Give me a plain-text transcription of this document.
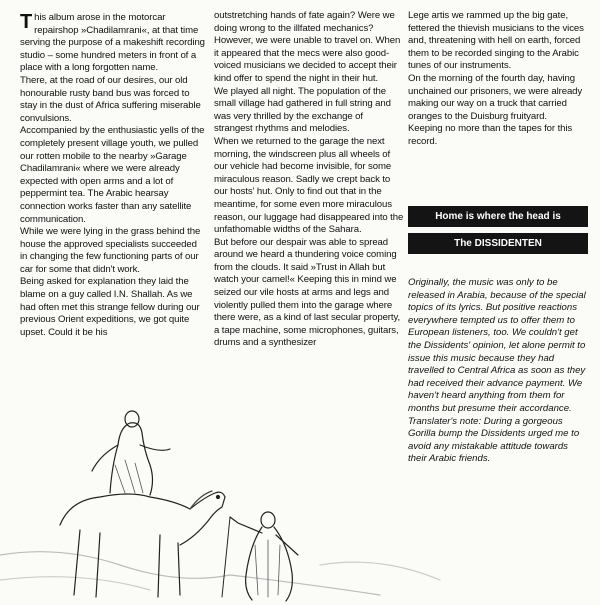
This album arose in the motorcar repairshop »Chadilamrani«, at that time serving the purpose of a makeshift recording studio – some hundred meters in front of a place with a long forgotten name.

There, at the road of our desires, our old honourable rusty band bus was forced to stay in the dust of Africa suffering miserable convulsions.

Accompanied by the enthusiastic yells of the completely present village youth, we pulled our rotten mobile to the nearby »Garage Chadilamrani« where we were already expected with open arms and a lot of peppermint tea. The Arabic hearsay connection works faster than any satellite communication.

While we were lying in the grass behind the house the approved specialists succeeded in changing the few functioning parts of our car for some that didn't work.

Being asked for explanation they laid the blame on a guy called I.N. Shallah. As we had often met this strange fellow during our previous Orient expeditions, we got quite upset. Could it be his

outstretching hands of fate again? Were we doing wrong to the illfated mechanics?

However, we were unable to travel on. When it appeared that the mecs were also good-voiced musicians we decided to accept their kind offer to spend the night in their hut.

We played all night. The population of the small village had gathered in full string and was very thrilled by the exchange of strangest rhythms and melodies.

When we returned to the garage the next morning, the windscreen plus all wheels of our vehicle had become invisible, for some miraculous reason. Sadly we crept back to our hosts' hut. Only to find out that in the meantime, for some even more miraculous reason, our luggage had disappeared into the unfathomable widths of the Sahara.

But before our despair was able to spread around we heard a thundering voice coming from the clouds. It said »Trust in Allah but watch your camel!« Keeping this in mind we seized our vile hosts at arms and legs and violently pulled them into the garage where there were, as a kind of last secular property, a tape machine, some microphones, guitars, drums and a synthesizer

Lege artis we rammed up the big gate, fettered the thievish musicians to the vices and, threatening with hell on earth, forced them to be recorded singing to the Arabic tunes of our instruments.

On the morning of the fourth day, having unchained our prisoners, we were already making our way on a truck that carried oranges to the Duisburg fruityard.

Keeping no more than the tapes for this record.

Home is where the head is
The DISSIDENTEN

Originally, the music was only to be released in Arabia, because of the special topics of its lyrics. But positive reactions everywhere tempted us to offer them to European listeners, too. We couldn't get the Dissidents' opinion, let alone permit to issue this music because they had travelled to Central Africa as soon as they had received their advance payment. We haven't heard anything from them for months but presume their accordance.

Translater's note: During a gorgeous Gorilla bump the Dissidents urged me to avoid any mistakable attitude towards their Arabic friends.
